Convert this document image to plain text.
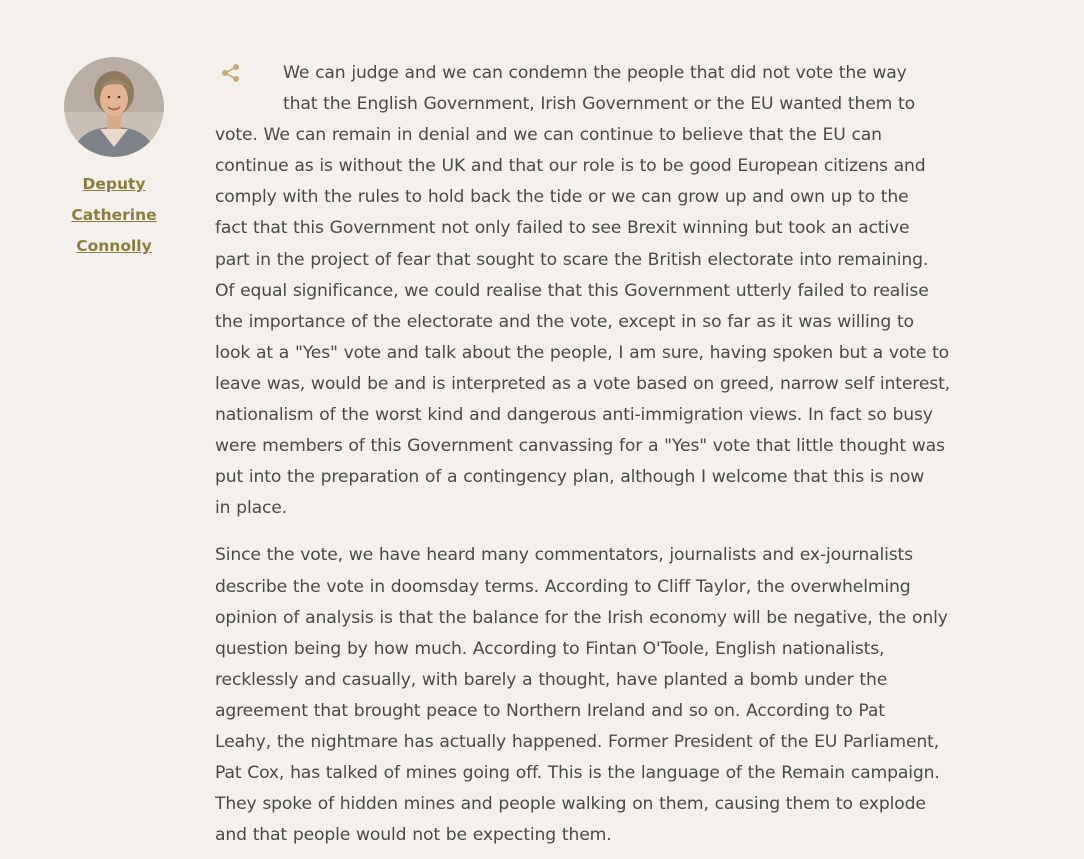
Deputy
Catherine
Connolly

We can judge and we can condemn the people that did not vote the way
that the English Government, Irish Government or the EU wanted them to
vote. We can remain in denial and we can continue to believe that the EU can
continue as is without the UK and that our role is to be good European citizens and
comply with the rules to hold back the tide or we can grow up and own up to the
fact that this Government not only failed to see Brexit winning but took an active
part in the project of fear that sought to scare the British electorate into remaining.
Of equal significance, we could realise that this Government utterly failed to realise
the importance of the electorate and the vote, except in so far as it was willing to
look at a "Yes" vote and talk about the people, I am sure, having spoken but a vote to
leave was, would be and is interpreted as a vote based on greed, narrow self interest,
nationalism of the worst kind and dangerous anti-immigration views. In fact so busy
were members of this Government canvassing for a "Yes" vote that little thought was
put into the preparation of a contingency plan, although I welcome that this is now
in place.

Since the vote, we have heard many commentators, journalists and ex-journalists
describe the vote in doomsday terms. According to Cliff Taylor, the overwhelming
opinion of analysis is that the balance for the Irish economy will be negative, the only
question being by how much. According to Fintan O'Toole, English nationalists,
recklessly and casually, with barely a thought, have planted a bomb under the
agreement that brought peace to Northern Ireland and so on. According to Pat
Leahy, the nightmare has actually happened. Former President of the EU Parliament,
Pat Cox, has talked of mines going off. This is the language of the Remain campaign.
They spoke of hidden mines and people walking on them, causing them to explode
and that people would not be expecting them.
